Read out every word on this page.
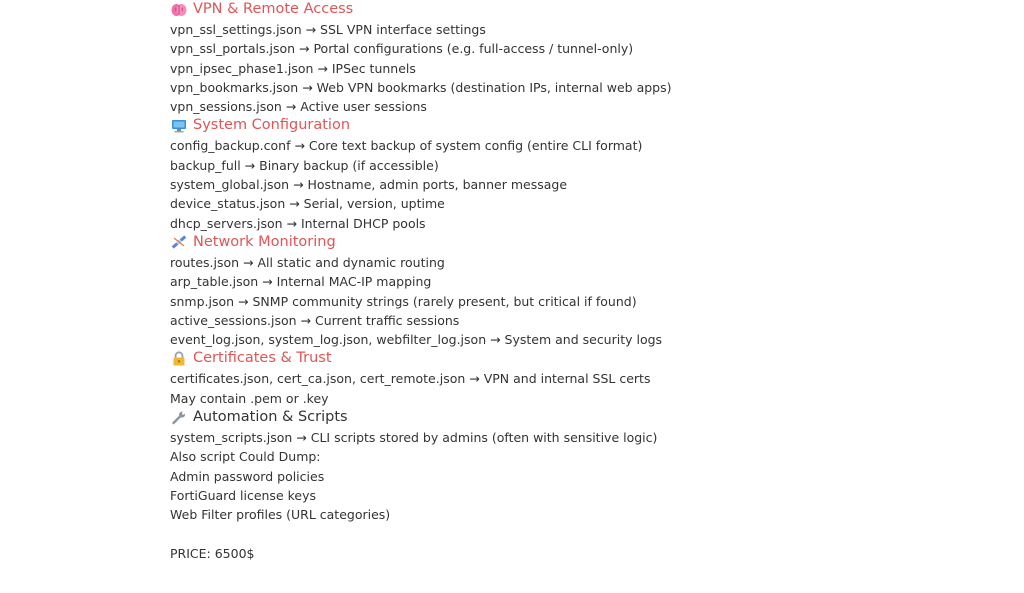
VPN & Remote Access
vpn_ssl_settings.json → SSL VPN interface settings
vpn_ssl_portals.json → Portal configurations (e.g. full-access / tunnel-only)
vpn_ipsec_phase1.json → IPSec tunnels
vpn_bookmarks.json → Web VPN bookmarks (destination IPs, internal web apps)
vpn_sessions.json → Active user sessions
System Configuration
config_backup.conf → Core text backup of system config (entire CLI format)
backup_full → Binary backup (if accessible)
system_global.json → Hostname, admin ports, banner message
device_status.json → Serial, version, uptime
dhcp_servers.json → Internal DHCP pools
Network Monitoring
routes.json → All static and dynamic routing
arp_table.json → Internal MAC-IP mapping
snmp.json → SNMP community strings (rarely present, but critical if found)
active_sessions.json → Current traffic sessions
event_log.json, system_log.json, webfilter_log.json → System and security logs
Certificates & Trust
certificates.json, cert_ca.json, cert_remote.json → VPN and internal SSL certs
May contain .pem or .key
Automation & Scripts
system_scripts.json → CLI scripts stored by admins (often with sensitive logic)
Also script Could Dump:
Admin password policies
FortiGuard license keys
Web Filter profiles (URL categories)
PRICE: 6500$
